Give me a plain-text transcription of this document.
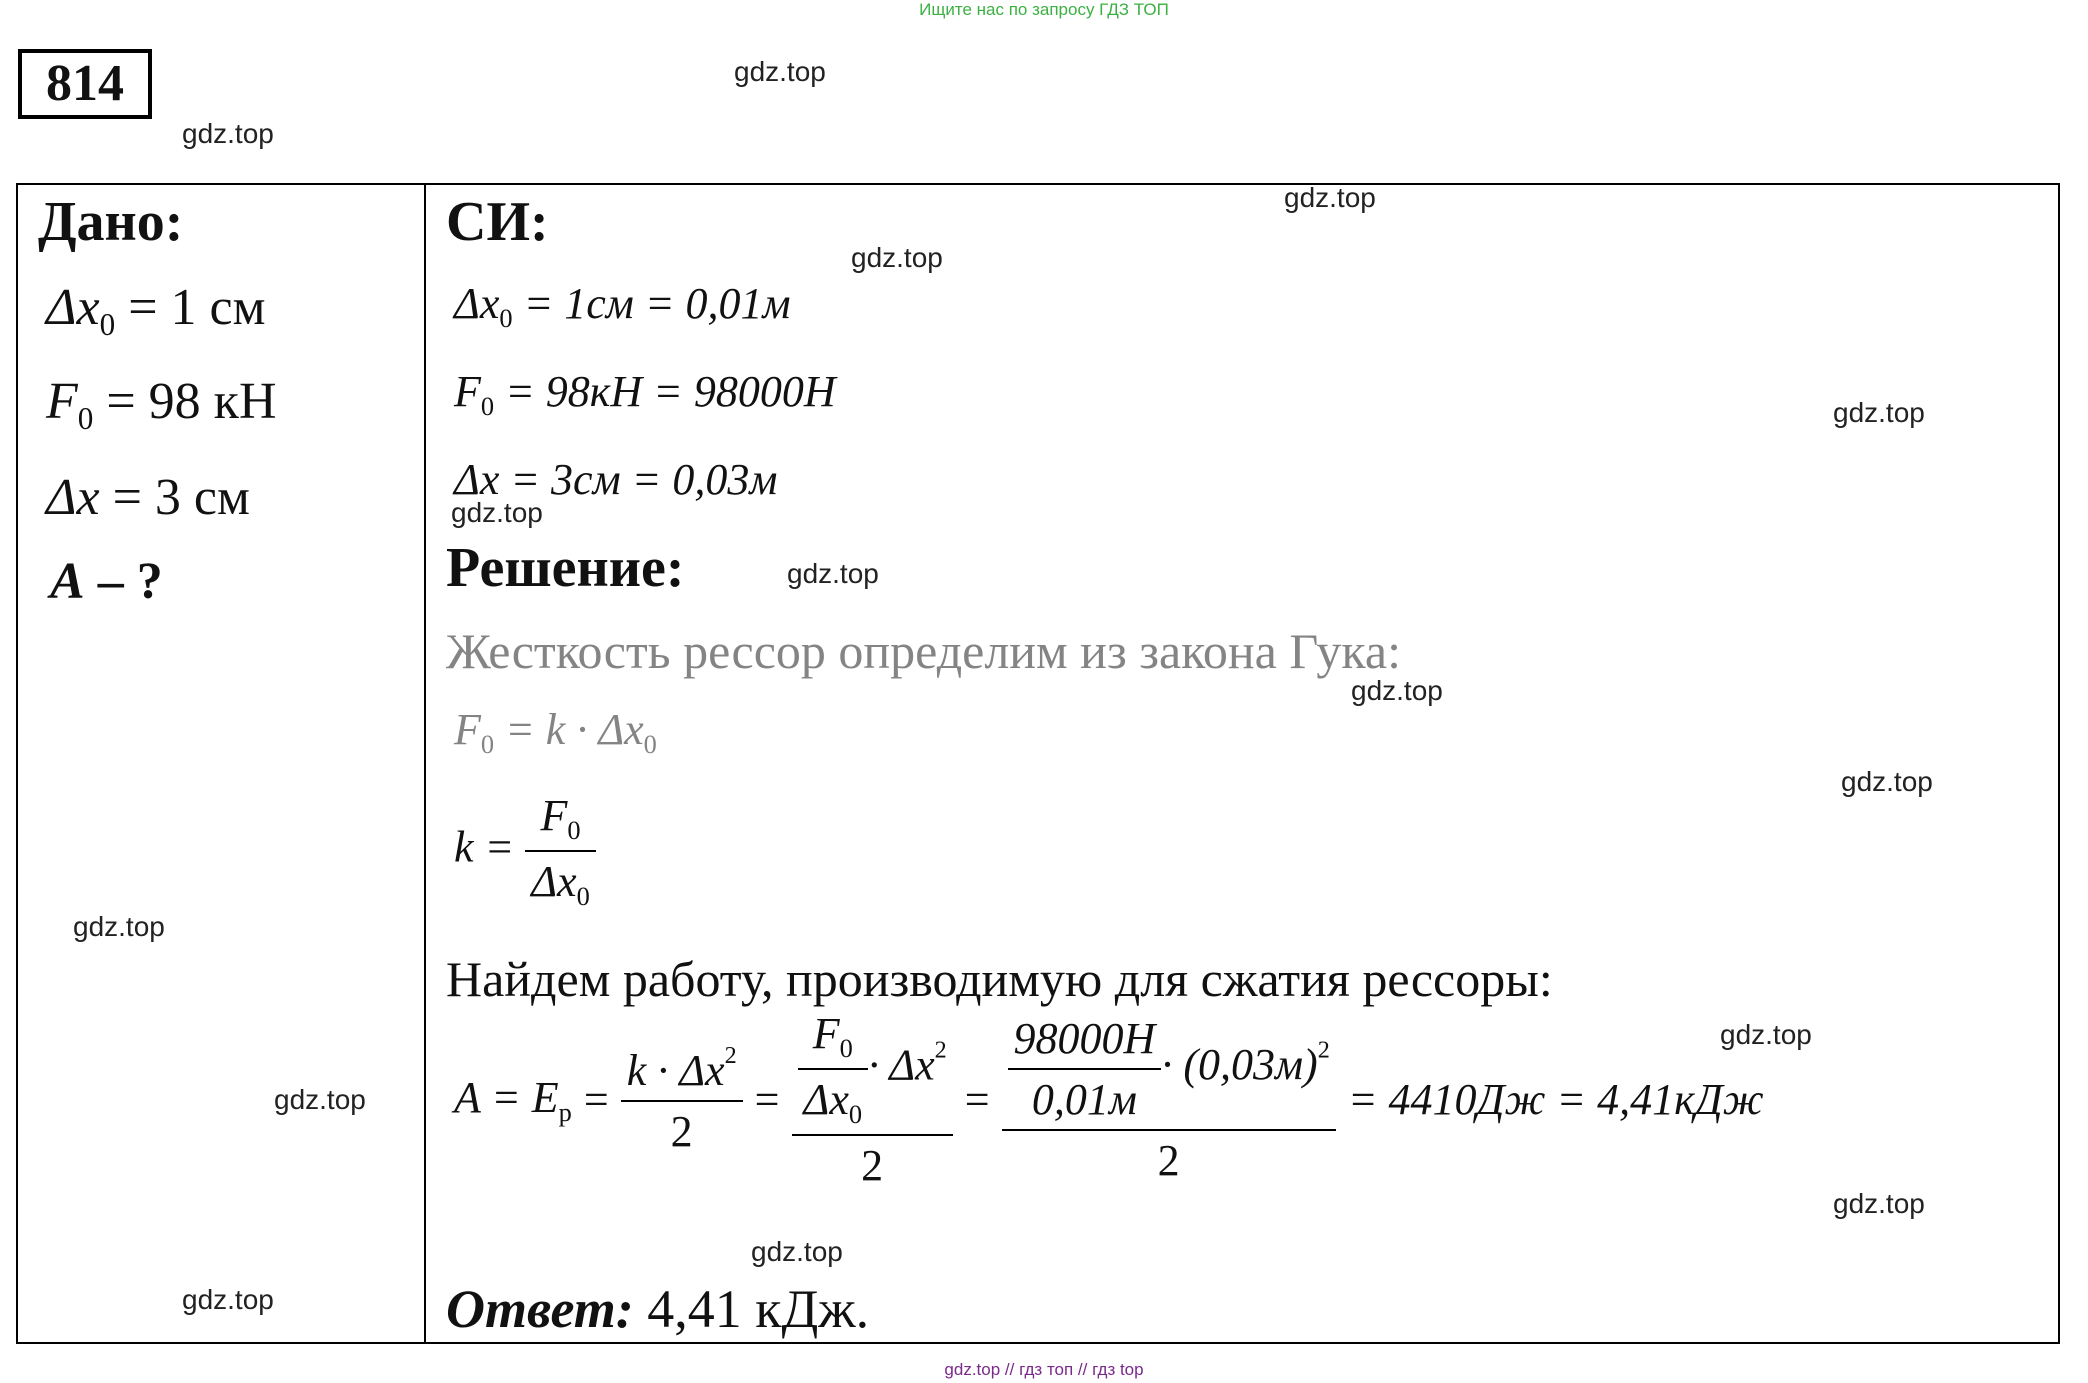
Ищите нас по запросу ГДЗ ТОП
814	gdz.top
gdz.top
gdz.top
gdz.top
gdz.top
gdz.top
gdz.top
gdz.top
gdz.top
gdz.top
gdz.top
gdz.top
gdz.top
gdz.top
gdz.top
Дано:
$\Delta x_0 = 1$ см
$F_0 = 98$ кН
Δx = 3 см
A – ?
СИ:
$\Delta x_0 = 1см = 0,01м$
$F_0 = 98кН = 98000Н$
Δx = 3см = 0,03м
Решение:
Жесткость рессор определим из закона Гука:
$F_0 = k \cdot \Delta x_0$
$k = \frac{F_0}{\Delta x_0}$
Найдем работу, производимую для сжатия рессоры:
$A = E_p = \frac{k \cdot \Delta x^2}{2} = \frac{\frac{F_0}{\Delta x_0} \cdot \Delta x^2}{2} = \frac{\frac{98000Н}{0,01м} \cdot (0,03м)^2}{2} = 4410Дж = 4,41кДж$
Ответ: 4,41 кДж.
gdz.top // гдз топ // гдз top
